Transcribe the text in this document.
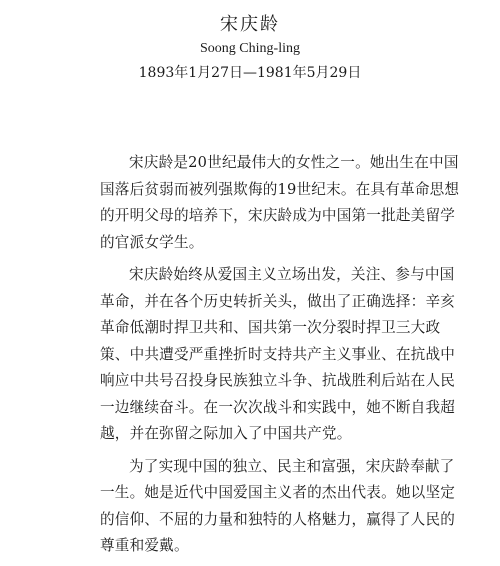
宋庆龄
Soong Ching-ling
1893年1月27日—1981年5月29日

宋庆龄是20世纪最伟大的女性之一。她出生在中国
国落后贫弱而被列强欺侮的19世纪末。在具有革命思想
的开明父母的培养下，宋庆龄成为中国第一批赴美留学
的官派女学生。

宋庆龄始终从爱国主义立场出发，关注、参与中国
革命，并在各个历史转折关头，做出了正确选择：辛亥
革命低潮时捍卫共和、国共第一次分裂时捍卫三大政
策、中共遭受严重挫折时支持共产主义事业、在抗战中
响应中共号召投身民族独立斗争、抗战胜利后站在人民
一边继续奋斗。在一次次战斗和实践中，她不断自我超
越，并在弥留之际加入了中国共产党。

为了实现中国的独立、民主和富强，宋庆龄奉献了
一生。她是近代中国爱国主义者的杰出代表。她以坚定
的信仰、不屈的力量和独特的人格魅力，赢得了人民的
尊重和爱戴。
